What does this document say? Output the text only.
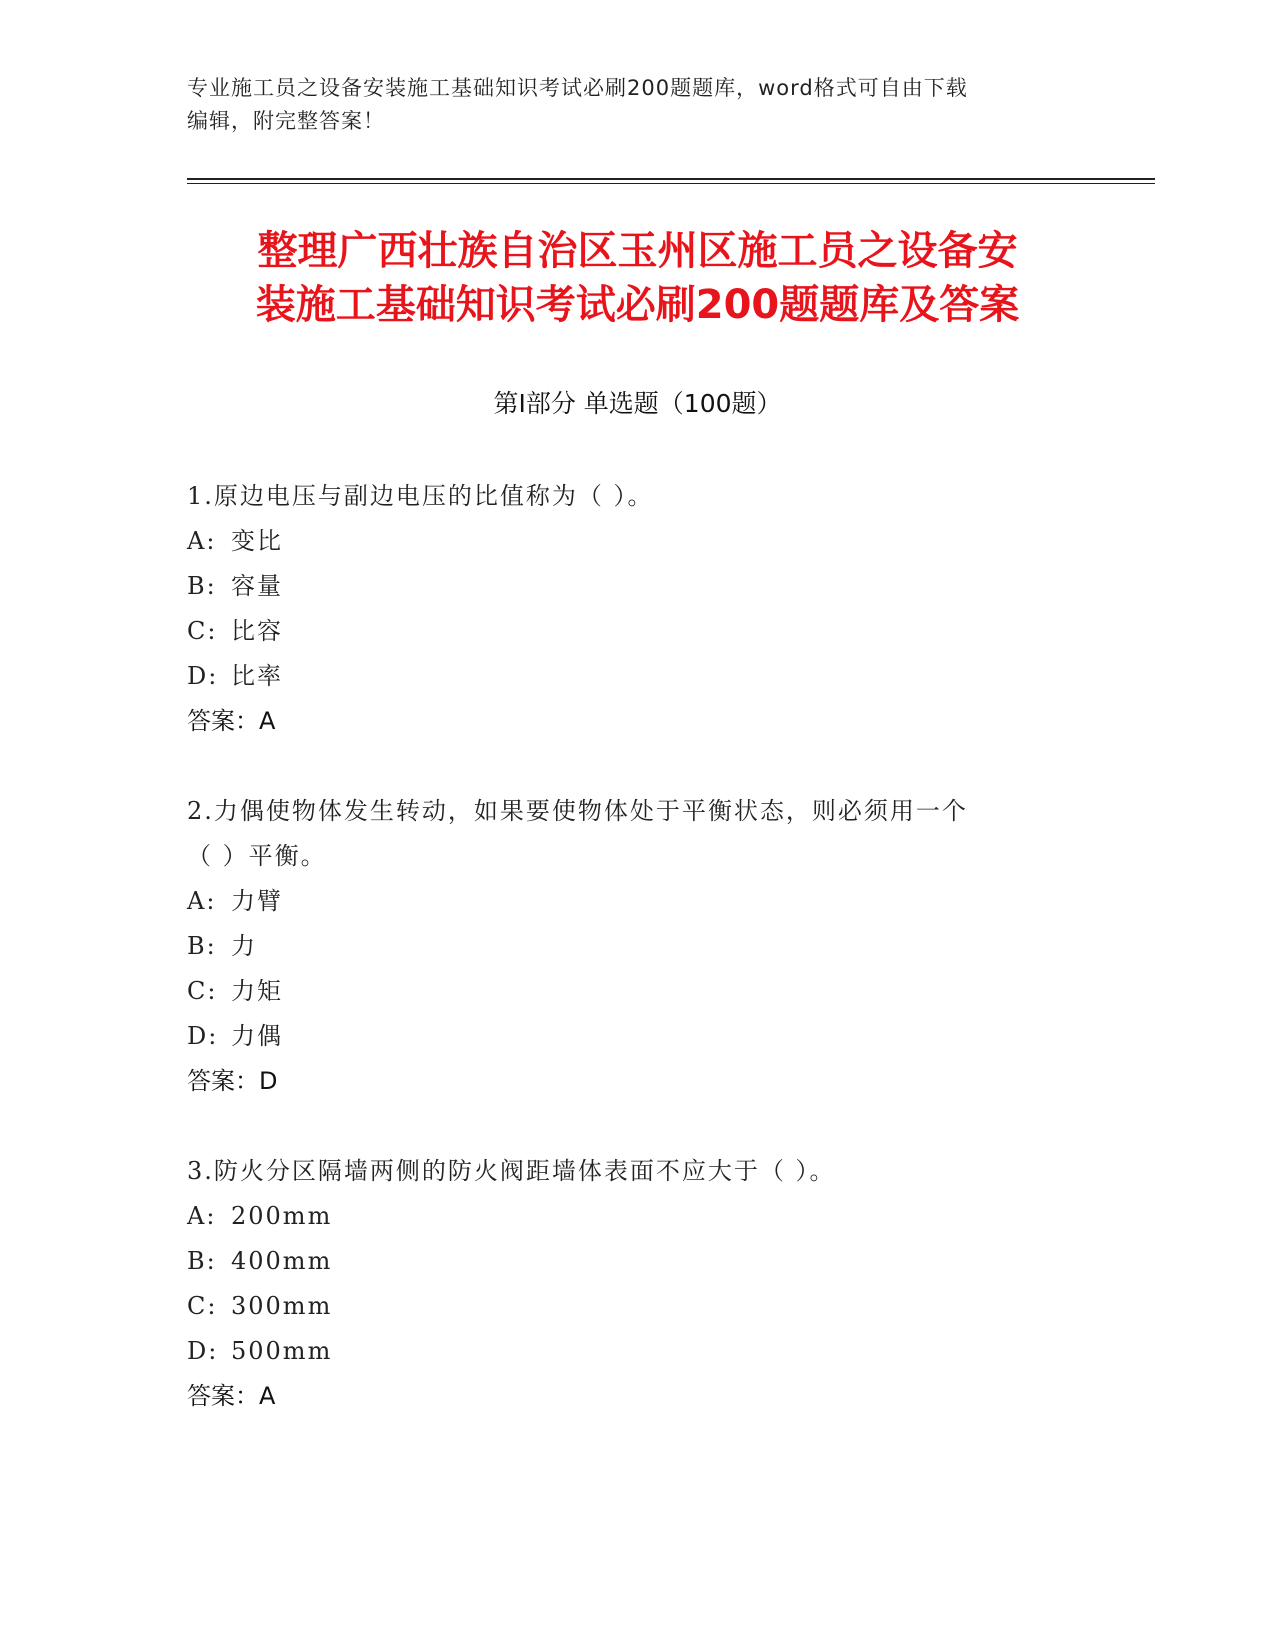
专业施工员之设备安装施工基础知识考试必刷200题题库，word格式可自由下载
编辑，附完整答案！
整理广西壮族自治区玉州区施工员之设备安
装施工基础知识考试必刷200题题库及答案
第Ⅰ部分 单选题（100题）
1.原边电压与副边电压的比值称为（ ）。
A: 变比
B: 容量
C: 比容
D: 比率
答案：A
2.力偶使物体发生转动，如果要使物体处于平衡状态，则必须用一个
（ ）平衡。
A: 力臂
B: 力
C: 力矩
D: 力偶
答案：D
3.防火分区隔墙两侧的防火阀距墙体表面不应大于（ ）。
A: 200mm
B: 400mm
C: 300mm
D: 500mm
答案：A
